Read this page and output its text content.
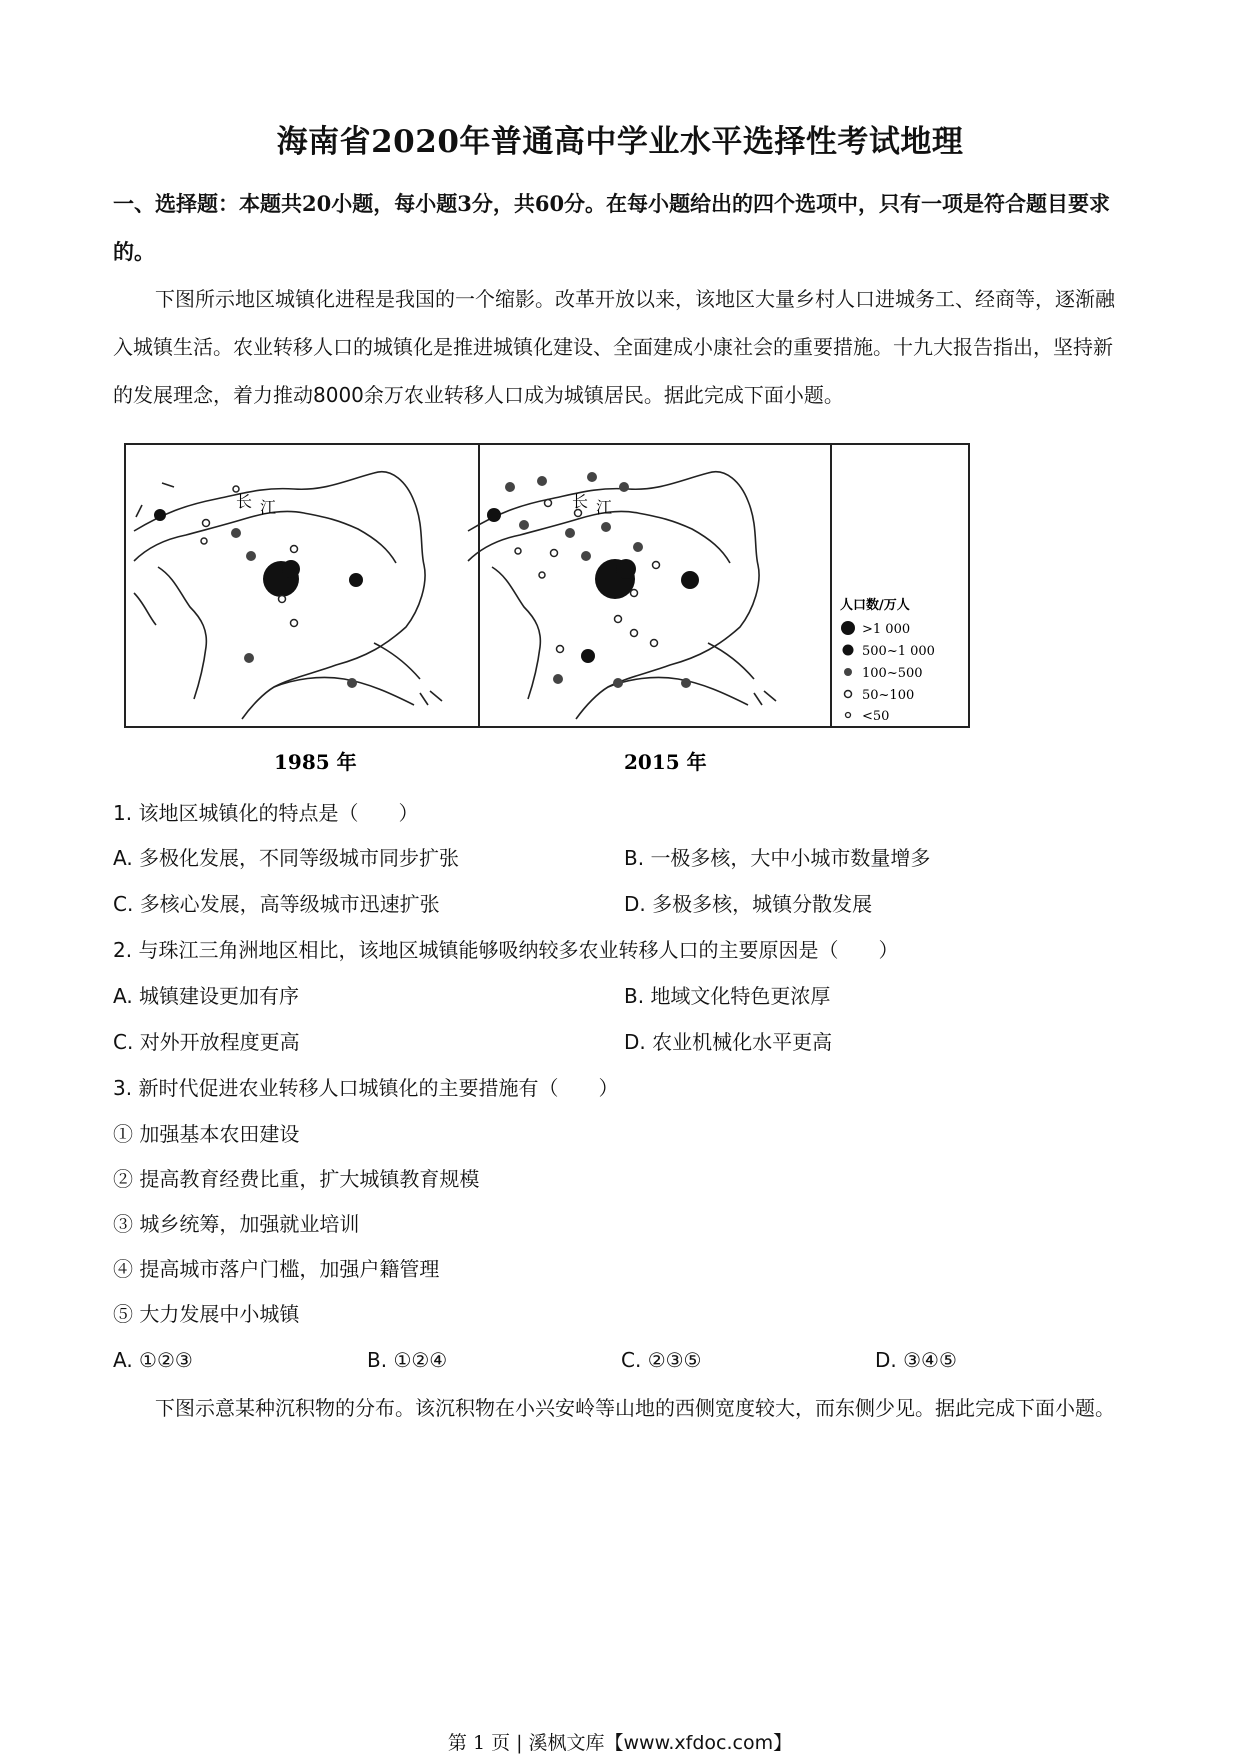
海南省2020年普通高中学业水平选择性考试地理
一、选择题：本题共20小题，每小题3分，共60分。在每小题给出的四个选项中，只有一项是符合题目要求的。
下图所示地区城镇化进程是我国的一个缩影。改革开放以来，该地区大量乡村人口进城务工、经商等，逐渐融入城镇生活。农业转移人口的城镇化是推进城镇化建设、全面建成小康社会的重要措施。十九大报告指出，坚持新的发展理念，着力推动8000余万农业转移人口成为城镇居民。据此完成下面小题。
长 江	长 江
人口数/万人
>1 000
500~1 000
100~500
50~100
<50
1985 年	2015 年
1. 该地区城镇化的特点是（　　）
A. 多极化发展，不同等级城市同步扩张	B. 一极多核，大中小城市数量增多
C. 多核心发展，高等级城市迅速扩张	D. 多极多核，城镇分散发展
2. 与珠江三角洲地区相比，该地区城镇能够吸纳较多农业转移人口的主要原因是（　　）
A. 城镇建设更加有序	B. 地域文化特色更浓厚
C. 对外开放程度更高	D. 农业机械化水平更高
3. 新时代促进农业转移人口城镇化的主要措施有（　　）
① 加强基本农田建设
② 提高教育经费比重，扩大城镇教育规模
③ 城乡统筹，加强就业培训
④ 提高城市落户门槛，加强户籍管理
⑤ 大力发展中小城镇
A. ①②③	B. ①②④	C. ②③⑤	D. ③④⑤
下图示意某种沉积物的分布。该沉积物在小兴安岭等山地的西侧宽度较大，而东侧少见。据此完成下面小题。
第 1 页 | 溪枫文库【www.xfdoc.com】
